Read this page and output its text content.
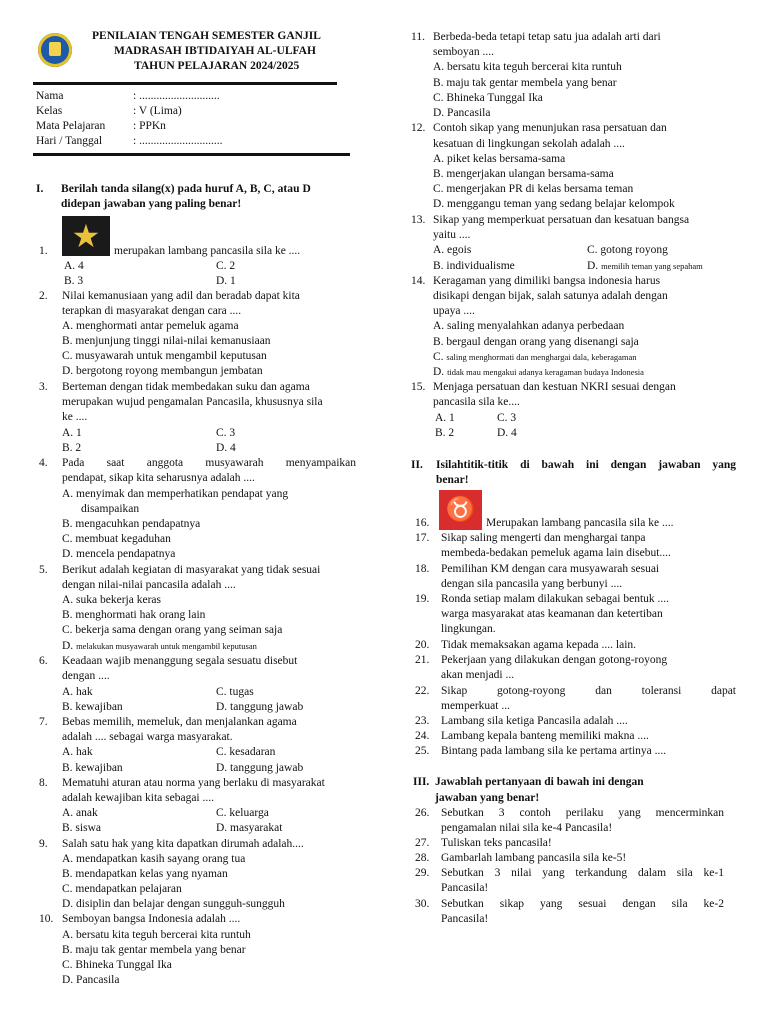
PENILAIAN TENGAH SEMESTER GANJIL
MADRASAH IBTIDAIYAH AL-ULFAH
TAHUN PELAJARAN 2024/2025
Nama	: ............................
Kelas	: V (Lima)
Mata Pelajaran : PPKn
Hari / Tanggal	: .............................
I. Berilah tanda silang(x) pada huruf A, B, C, atau D
didepan jawaban yang paling benar!
1. ★	merupakan lambang pancasila sila ke ....
A. 4	C. 2
B. 3	D. 1
2. Nilai kemanusiaan yang adil dan beradab dapat kita
terapkan di masyarakat dengan cara ....
A. menghormati antar pemeluk agama
B. menjunjung tinggi nilai-nilai kemanusiaan
C. musyawarah untuk mengambil keputusan
D. bergotong royong membangun jembatan
3. Berteman dengan tidak membedakan suku dan agama
merupakan wujud pengamalan Pancasila, khususnya sila
ke ....
A. 1	C. 3
B. 2	D. 4
4. Pada saat anggota musyawarah menyampaikan
pendapat, sikap kita seharusnya adalah ....
A. menyimak dan memperhatikan pendapat yang
disampaikan
B. mengacuhkan pendapatnya
C. membuat kegaduhan
D. mencela pendapatnya
5. Berikut adalah kegiatan di masyarakat yang tidak sesuai
dengan nilai-nilai pancasila adalah ....
A. suka bekerja keras
B. menghormati hak orang lain
C. bekerja sama dengan orang yang seiman saja
D. melakukan musyawarah untuk mengambil keputusan
6. Keadaan wajib menanggung segala sesuatu disebut
dengan ....
A. hak	C. tugas
B. kewajiban	D. tanggung jawab
7. Bebas memilih, memeluk, dan menjalankan agama
adalah .... sebagai warga masyarakat.
A. hak	C. kesadaran
B. kewajiban	D. tanggung jawab
8. Mematuhi aturan atau norma yang berlaku di masyarakat
adalah kewajiban kita sebagai ....
A. anak	C. keluarga
B. siswa	D. masyarakat
9. Salah satu hak yang kita dapatkan dirumah adalah....
A. mendapatkan kasih sayang orang tua
B. mendapatkan kelas yang nyaman
C. mendapatkan pelajaran
D. disiplin dan belajar dengan sungguh-sungguh
10. Semboyan bangsa Indonesia adalah ....
A. bersatu kita teguh bercerai kita runtuh
B. maju tak gentar membela yang benar
C. Bhineka Tunggal Ika
D. Pancasila
11. Berbeda-beda tetapi tetap satu jua adalah arti dari
semboyan ....
A. bersatu kita teguh bercerai kita runtuh
B. maju tak gentar membela yang benar
C. Bhineka Tunggal Ika
D. Pancasila
12. Contoh sikap yang menunjukan rasa persatuan dan
kesatuan di lingkungan sekolah adalah ....
A. piket kelas bersama-sama
B. mengerjakan ulangan bersama-sama
C. mengerjakan PR di kelas bersama teman
D. menggangu teman yang sedang belajar kelompok
13. Sikap yang memperkuat persatuan dan kesatuan bangsa
yaitu ....
A. egois	C. gotong royong
B. individualisme	D. memilih teman yang sepaham
14. Keragaman yang dimiliki bangsa indonesia harus
disikapi dengan bijak, salah satunya adalah dengan
upaya ....
A. saling menyalahkan adanya perbedaan
B. bergaul dengan orang yang disenangi saja
C. saling menghormati dan menghargai dala, keberagaman
D. tidak mau mengakui adanya keragaman budaya Indonesia
15. Menjaga persatuan dan kestuan NKRI sesuai dengan
pancasila sila ke....
A. 1	C. 3
B. 2	D. 4
II. Isilahtitik-titik di bawah ini dengan jawaban yang
benar!
16. ♉ Merupakan lambang pancasila sila ke ....
17. Sikap saling mengerti dan menghargai tanpa
membeda-bedakan pemeluk agama lain disebut....
18. Pemilihan KM dengan cara musyawarah sesuai
dengan sila pancasila yang berbunyi ....
19. Ronda setiap malam dilakukan sebagai bentuk ....
warga masyarakat atas keamanan dan ketertiban
lingkungan.
20. Tidak memaksakan agama kepada .... lain.
21. Pekerjaan yang dilakukan dengan gotong-royong
akan menjadi ...
22. Sikap gotong-royong dan toleransi dapat
memperkuat ...
23. Lambang sila ketiga Pancasila adalah ....
24. Lambang kepala banteng memiliki makna ....
25. Bintang pada lambang sila ke pertama artinya ....
III. Jawablah pertanyaan di bawah ini dengan
jawaban yang benar!
26. Sebutkan 3 contoh perilaku yang mencerminkan
pengamalan nilai sila ke-4 Pancasila!
27. Tuliskan teks pancasila!
28. Gambarlah lambang pancasila sila ke-5!
29. Sebutkan 3 nilai yang terkandung dalam sila ke-1
Pancasila!
30. Sebutkan sikap yang sesuai dengan sila ke-2
Pancasila!
